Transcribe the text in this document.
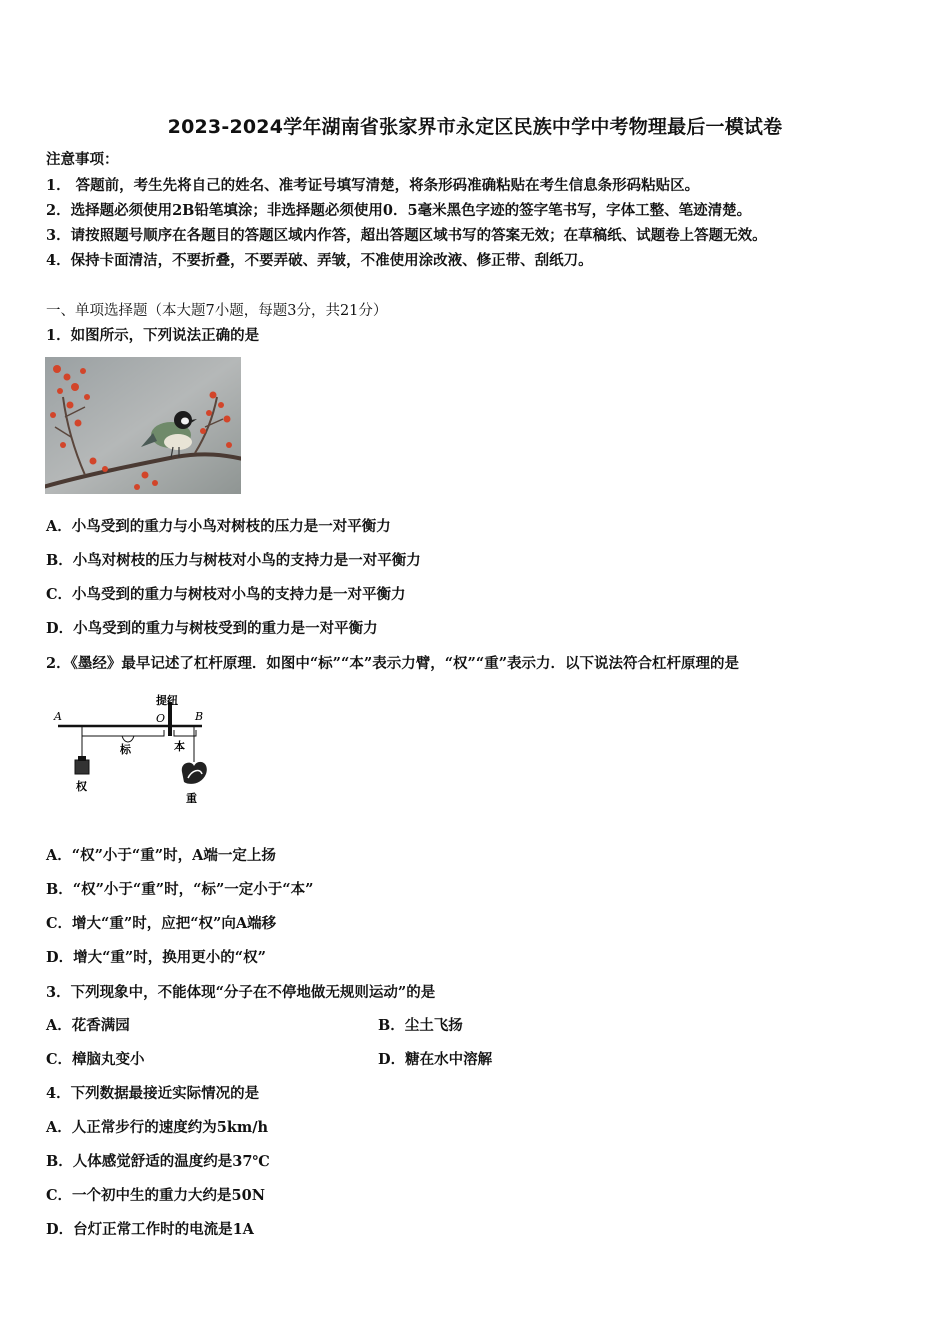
2023-2024学年湖南省张家界市永定区民族中学中考物理最后一模试卷
注意事项：
1． 答题前，考生先将自己的姓名、准考证号填写清楚，将条形码准确粘贴在考生信息条形码粘贴区。
2．选择题必须使用2B铅笔填涂；非选择题必须使用0．5毫米黑色字迹的签字笔书写，字体工整、笔迹清楚。
3．请按照题号顺序在各题目的答题区域内作答，超出答题区域书写的答案无效；在草稿纸、试题卷上答题无效。
4．保持卡面清洁，不要折叠，不要弄破、弄皱，不准使用涂改液、修正带、刮纸刀。
一、单项选择题（本大题7小题，每题3分，共21分）
1．如图所示，下列说法正确的是
A．小鸟受到的重力与小鸟对树枝的压力是一对平衡力
B．小鸟对树枝的压力与树枝对小鸟的支持力是一对平衡力
C．小鸟受到的重力与树枝对小鸟的支持力是一对平衡力
D．小鸟受到的重力与树枝受到的重力是一对平衡力
2．《墨经》最早记述了杠杆原理．如图中“标”“本”表示力臂，“权”“重”表示力．以下说法符合杠杆原理的是
提纽
A	O	B
标	本
权
重
A．“权”小于“重”时，A端一定上扬
B．“权”小于“重”时，“标”一定小于“本”
C．增大“重”时，应把“权”向A端移
D．增大“重”时，换用更小的“权”
3．下列现象中，不能体现“分子在不停地做无规则运动”的是
A．花香满园	B．尘土飞扬
C．樟脑丸变小	D．糖在水中溶解
4．下列数据最接近实际情况的是
A．人正常步行的速度约为5km/h
B．人体感觉舒适的温度约是37℃
C．一个初中生的重力大约是50N
D．台灯正常工作时的电流是1A
